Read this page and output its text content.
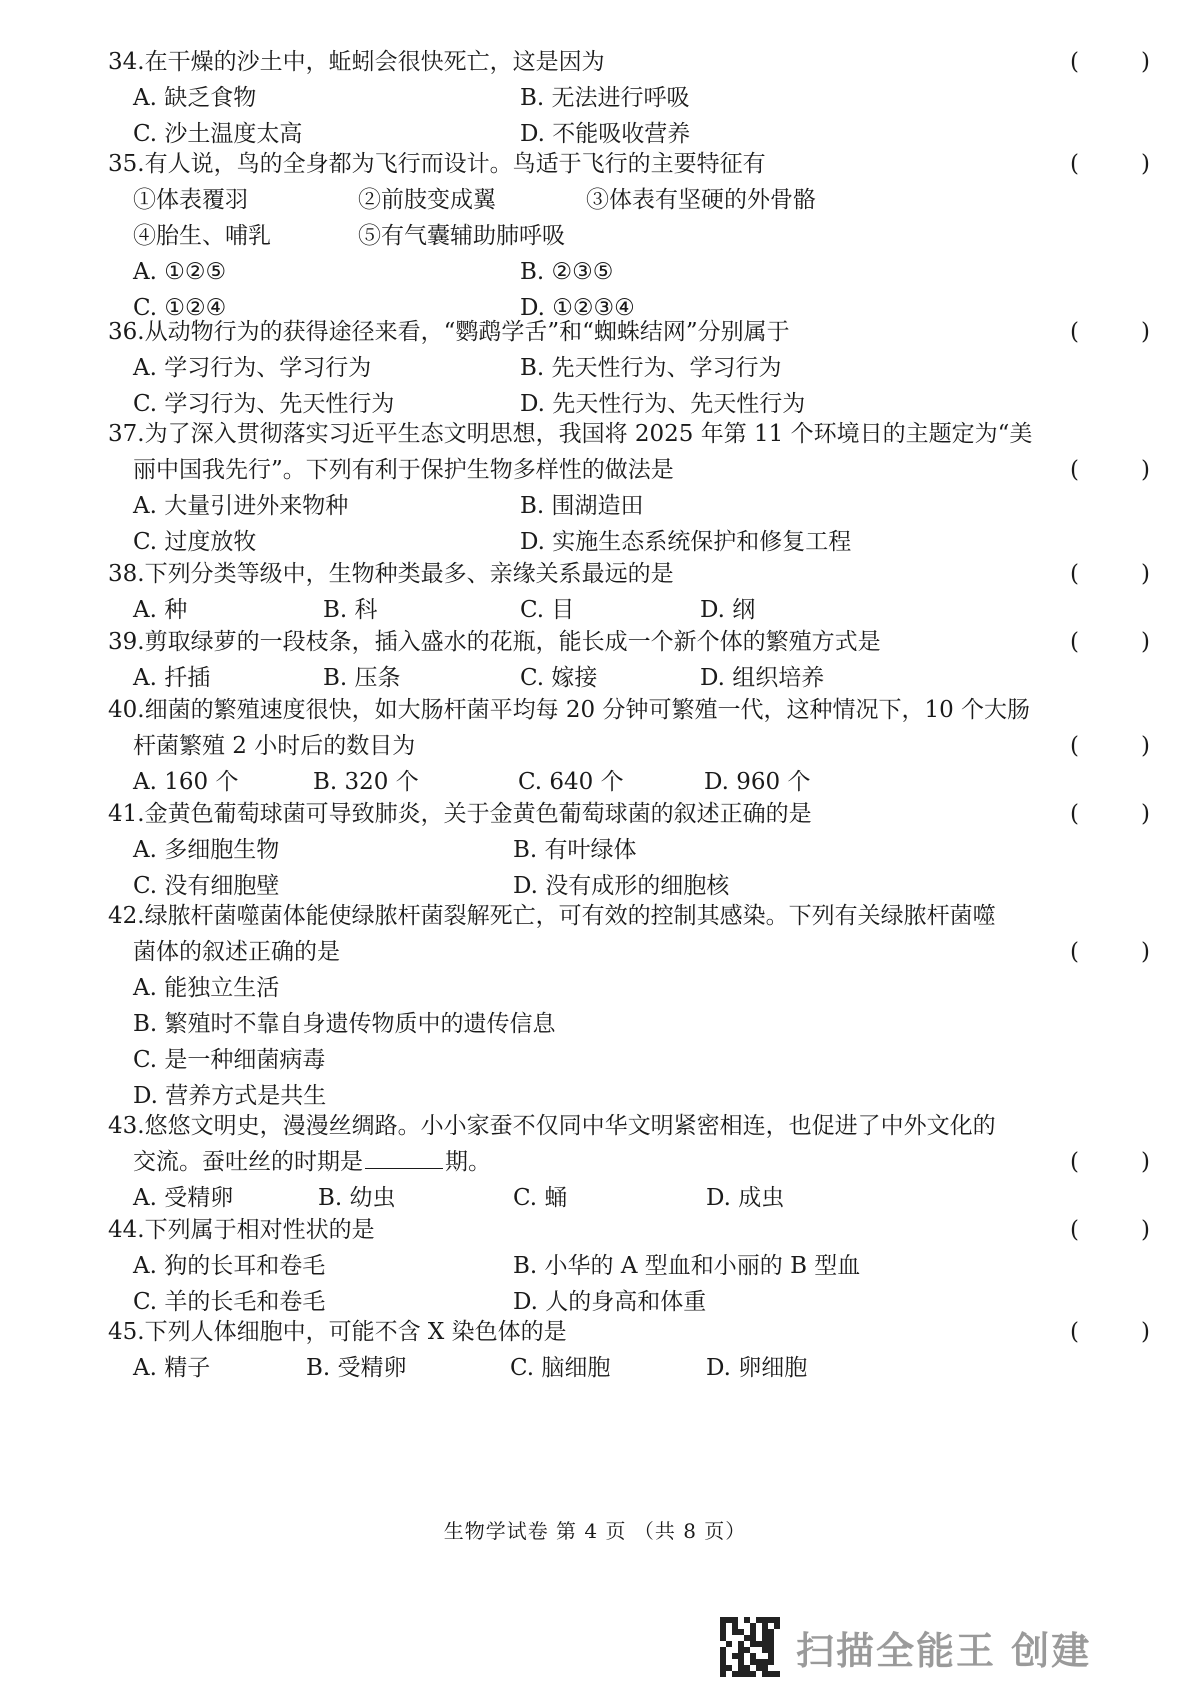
34.在干燥的沙土中，蚯蚓会很快死亡，这是因为	(	)
A. 缺乏食物	B. 无法进行呼吸
C. 沙土温度太高	D. 不能吸收营养
35.有人说，鸟的全身都为飞行而设计。鸟适于飞行的主要特征有	(	)
①体表覆羽	②前肢变成翼	③体表有坚硬的外骨骼
④胎生、哺乳	⑤有气囊辅助肺呼吸
A. ①②⑤	B. ②③⑤
C. ①②④	D. ①②③④
36.从动物行为的获得途径来看，“鹦鹉学舌”和“蜘蛛结网”分别属于	(	)
A. 学习行为、学习行为	B. 先天性行为、学习行为
C. 学习行为、先天性行为	D. 先天性行为、先天性行为
37.为了深入贯彻落实习近平生态文明思想，我国将 2025 年第 11 个环境日的主题定为“美
丽中国我先行”。下列有利于保护生物多样性的做法是	(	)
A. 大量引进外来物种	B. 围湖造田
C. 过度放牧	D. 实施生态系统保护和修复工程
38.下列分类等级中，生物种类最多、亲缘关系最远的是	(	)
A. 种	B. 科	C. 目	D. 纲
39.剪取绿萝的一段枝条，插入盛水的花瓶，能长成一个新个体的繁殖方式是	(	)
A. 扦插	B. 压条	C. 嫁接	D. 组织培养
40.细菌的繁殖速度很快，如大肠杆菌平均每 20 分钟可繁殖一代，这种情况下，10 个大肠
杆菌繁殖 2 小时后的数目为	(	)
A. 160 个	B. 320 个	C. 640 个	D. 960 个
41.金黄色葡萄球菌可导致肺炎，关于金黄色葡萄球菌的叙述正确的是	(	)
A. 多细胞生物	B. 有叶绿体
C. 没有细胞壁	D. 没有成形的细胞核
42.绿脓杆菌噬菌体能使绿脓杆菌裂解死亡，可有效的控制其感染。下列有关绿脓杆菌噬
菌体的叙述正确的是	(	)
A. 能独立生活
B. 繁殖时不靠自身遗传物质中的遗传信息
C. 是一种细菌病毒
D. 营养方式是共生
43.悠悠文明史，漫漫丝绸路。小小家蚕不仅同中华文明紧密相连，也促进了中外文化的
交流。蚕吐丝的时期是	期。	(	)
A. 受精卵	B. 幼虫	C. 蛹	D. 成虫
44.下列属于相对性状的是	(	)
A. 狗的长耳和卷毛	B. 小华的 A 型血和小丽的 B 型血
C. 羊的长毛和卷毛	D. 人的身高和体重
45.下列人体细胞中，可能不含 X 染色体的是	(	)
A. 精子	B. 受精卵	C. 脑细胞	D. 卵细胞
生物学试卷 第 4 页 （共 8 页）
扫描全能王 创建
